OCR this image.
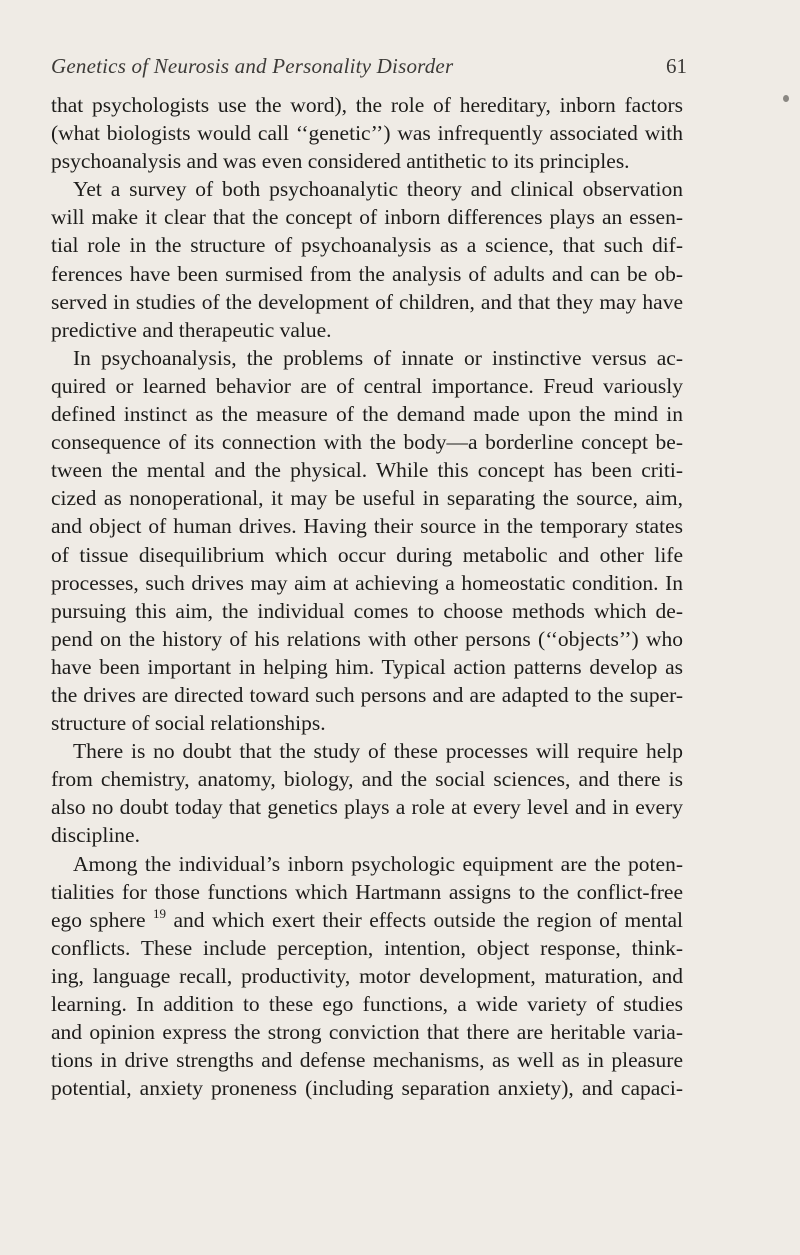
Genetics of Neurosis and Personality Disorder	61

that psychologists use the word), the role of hereditary, inborn factors
(what biologists would call ‘‘genetic’’) was infrequently associated with
psychoanalysis and was even considered antithetic to its principles.

Yet a survey of both psychoanalytic theory and clinical observation
will make it clear that the concept of inborn differences plays an essen-
tial role in the structure of psychoanalysis as a science, that such dif-
ferences have been surmised from the analysis of adults and can be ob-
served in studies of the development of children, and that they may have
predictive and therapeutic value.

In psychoanalysis, the problems of innate or instinctive versus ac-
quired or learned behavior are of central importance. Freud variously
defined instinct as the measure of the demand made upon the mind in
consequence of its connection with the body—a borderline concept be-
tween the mental and the physical. While this concept has been criti-
cized as nonoperational, it may be useful in separating the source, aim,
and object of human drives. Having their source in the temporary states
of tissue disequilibrium which occur during metabolic and other life
processes, such drives may aim at achieving a homeostatic condition. In
pursuing this aim, the individual comes to choose methods which de-
pend on the history of his relations with other persons (‘‘objects’’) who
have been important in helping him. Typical action patterns develop as
the drives are directed toward such persons and are adapted to the super-
structure of social relationships.

There is no doubt that the study of these processes will require help
from chemistry, anatomy, biology, and the social sciences, and there is
also no doubt today that genetics plays a role at every level and in every
discipline.

Among the individual’s inborn psychologic equipment are the poten-
tialities for those functions which Hartmann assigns to the conflict-free
ego sphere $^{19}$ and which exert their effects outside the region of mental
conflicts. These include perception, intention, object response, think-
ing, language recall, productivity, motor development, maturation, and
learning. In addition to these ego functions, a wide variety of studies
and opinion express the strong conviction that there are heritable varia-
tions in drive strengths and defense mechanisms, as well as in pleasure
potential, anxiety proneness (including separation anxiety), and capaci-
